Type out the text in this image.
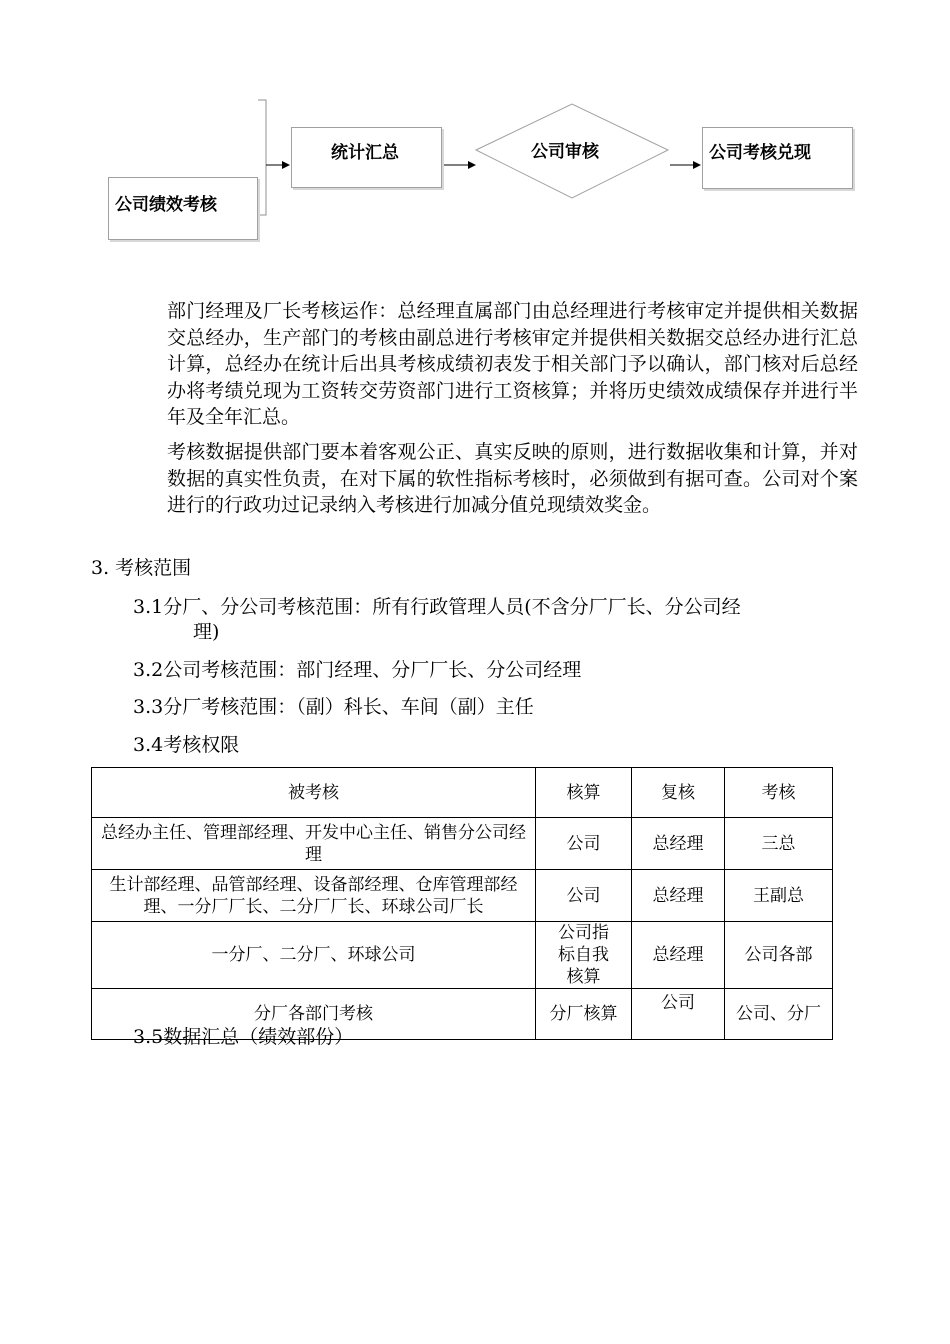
公司绩效考核
统计汇总	公司审核	公司考核兑现

部门经理及厂长考核运作：总经理直属部门由总经理进行考核审定并提供相关数据交总经办，生产部门的考核由副总进行考核审定并提供相关数据交总经办进行汇总计算，总经办在统计后出具考核成绩初表发于相关部门予以确认，部门核对后总经办将考绩兑现为工资转交劳资部门进行工资核算；并将历史绩效成绩保存并进行半年及全年汇总。

考核数据提供部门要本着客观公正、真实反映的原则，进行数据收集和计算，并对数据的真实性负责，在对下属的软性指标考核时，必须做到有据可查。公司对个案进行的行政功过记录纳入考核进行加减分值兑现绩效奖金。

3. 考核范围
3.1分厂、分公司考核范围：所有行政管理人员(不含分厂厂长、分公司经
理)
3.2公司考核范围：部门经理、分厂厂长、分公司经理
3.3分厂考核范围：（副）科长、车间（副）主任
3.4考核权限
被考核	核算	复核	考核
总经办主任、管理部经理、开发中心主任、销售分公司经理	公司	总经理	三总
生计部经理、品管部经理、设备部经理、仓库管理部经理、一分厂厂长、二分厂厂长、环球公司厂长	公司	总经理	王副总
一分厂、二分厂、环球公司	公司指标自我核算	总经理	公司各部
分厂各部门考核	分厂核算	公司	公司、分厂
3.5数据汇总（绩效部份）
